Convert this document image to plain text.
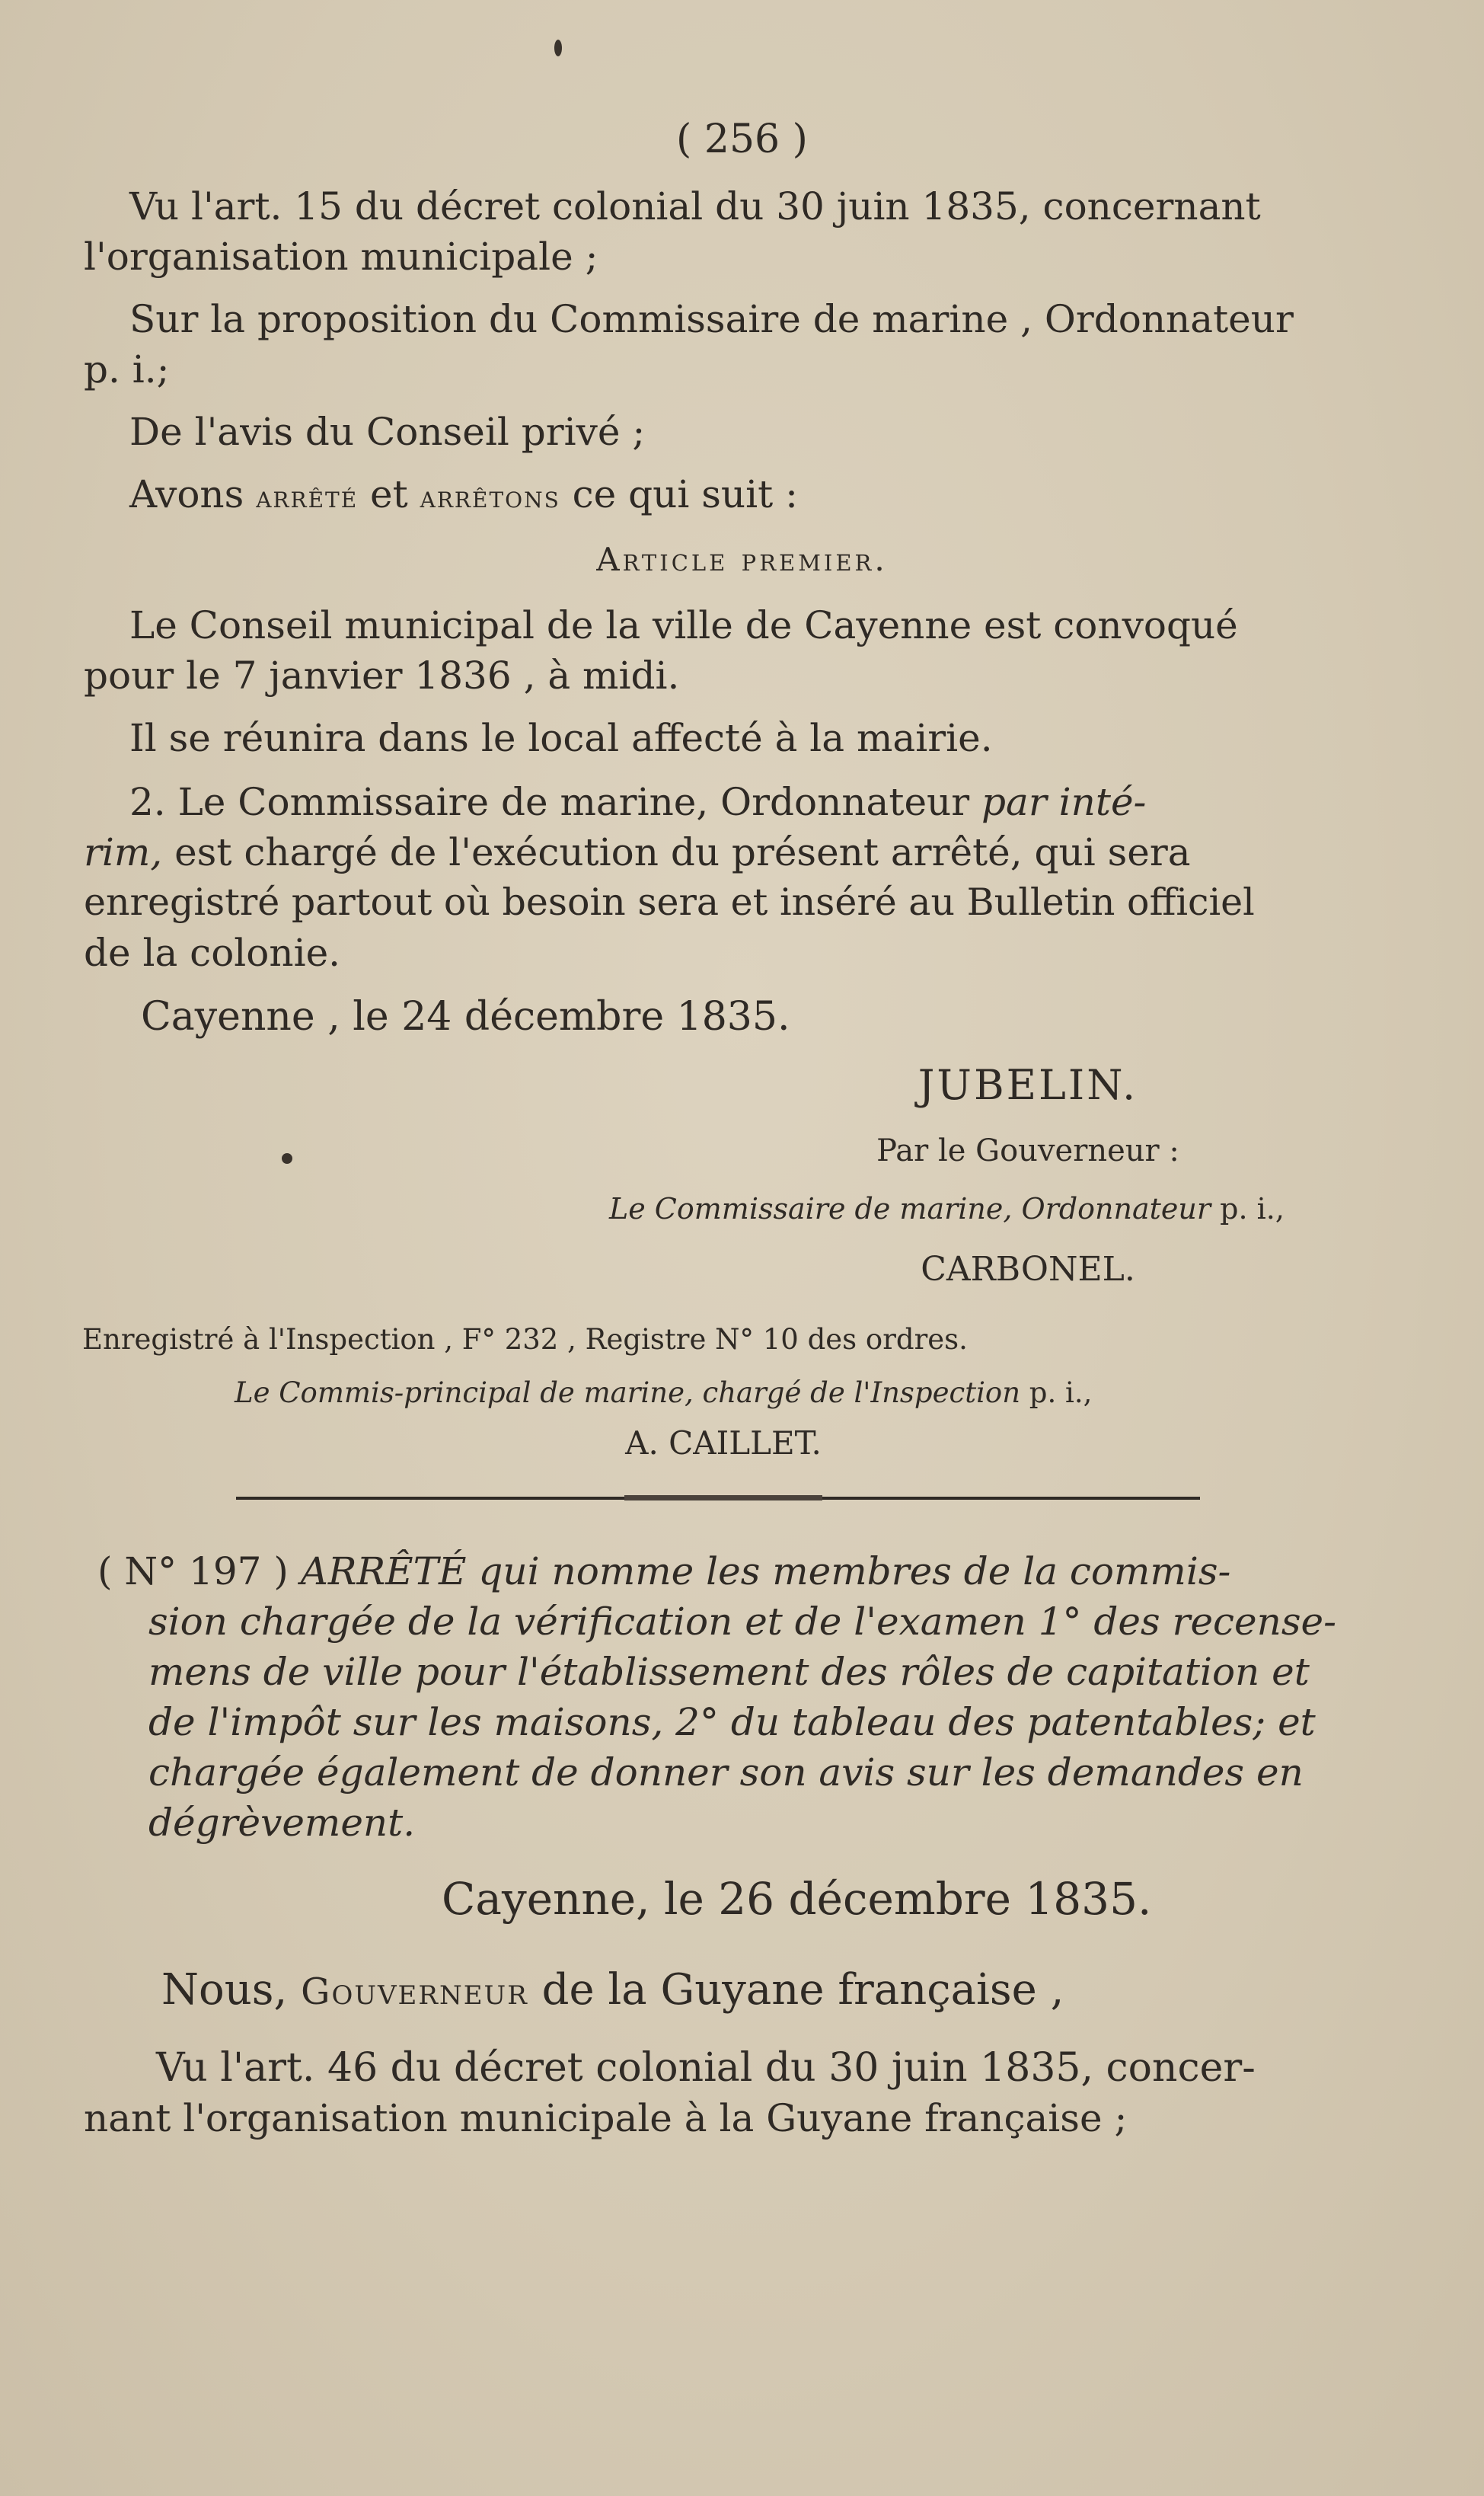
( 256 )
Vu l'art. 15 du décret colonial du 30 juin 1835, concernant
l'organisation municipale ;
Sur la proposition du Commissaire de marine , Ordonnateur
p. i.;
De l'avis du Conseil privé ;
Avons arrêté et arrêtons ce qui suit :
Article premier.
Le Conseil municipal de la ville de Cayenne est convoqué
pour le 7 janvier 1836 , à midi.
Il se réunira dans le local affecté à la mairie.
2. Le Commissaire de marine, Ordonnateur par inté-
rim, est chargé de l'exécution du présent arrêté, qui sera
enregistré partout où besoin sera et inséré au Bulletin officiel
de la colonie.
Cayenne , le 24 décembre 1835.
JUBELIN.
Par le Gouverneur :
Le Commissaire de marine, Ordonnateur p. i.,
CARBONEL.
Enregistré à l'Inspection , F° 232 , Registre N° 10 des ordres.
Le Commis-principal de marine, chargé de l'Inspection p. i.,
A. CAILLET.
( N° 197 ) ARRÊTÉ qui nomme les membres de la commis-
sion chargée de la vérification et de l'examen 1° des recense-
mens de ville pour l'établissement des rôles de capitation et
de l'impôt sur les maisons, 2° du tableau des patentables; et
chargée également de donner son avis sur les demandes en
dégrèvement.
Cayenne, le 26 décembre 1835.
Nous, Gouverneur de la Guyane française ,
Vu l'art. 46 du décret colonial du 30 juin 1835, concer-
nant l'organisation municipale à la Guyane française ;
